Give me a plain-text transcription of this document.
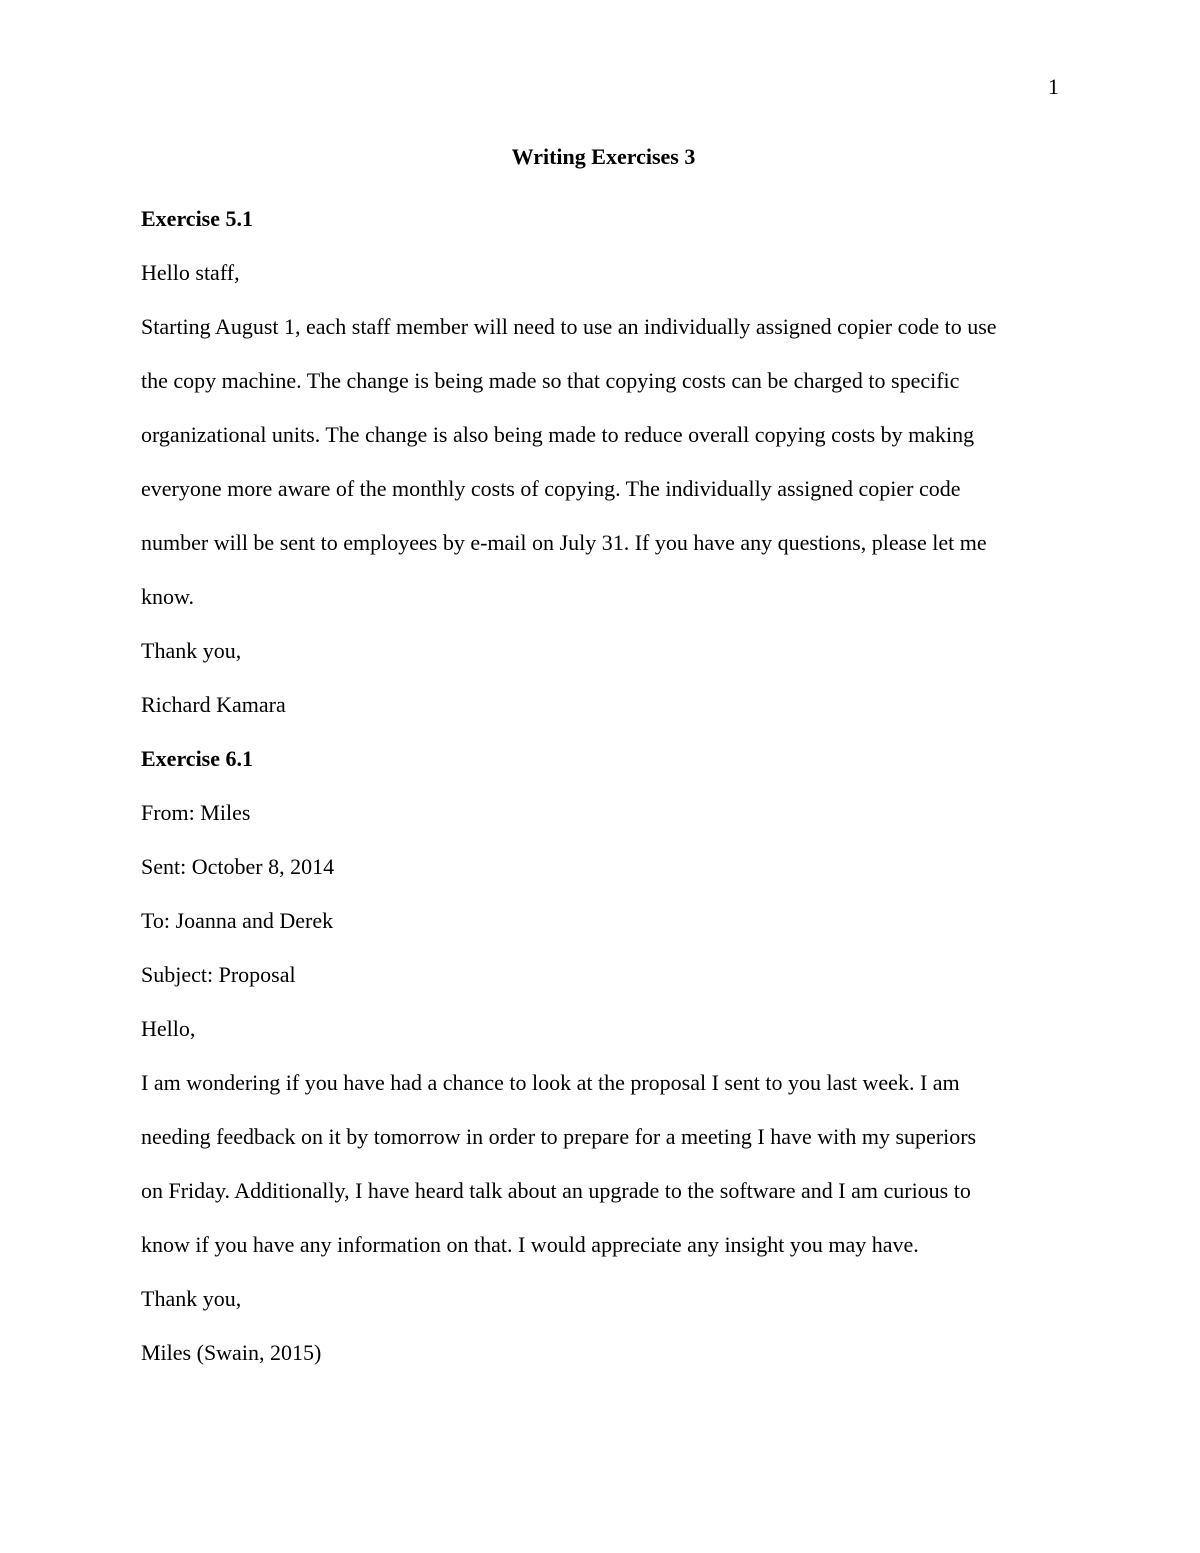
1

Writing Exercises 3

Exercise 5.1

Hello staff,

Starting August 1, each staff member will need to use an individually assigned copier code to use

the copy machine. The change is being made so that copying costs can be charged to specific

organizational units. The change is also being made to reduce overall copying costs by making

everyone more aware of the monthly costs of copying. The individually assigned copier code

number will be sent to employees by e-mail on July 31. If you have any questions, please let me

know.

Thank you,

Richard Kamara

Exercise 6.1

From: Miles

Sent: October 8, 2014

To: Joanna and Derek

Subject: Proposal

Hello,

I am wondering if you have had a chance to look at the proposal I sent to you last week. I am

needing feedback on it by tomorrow in order to prepare for a meeting I have with my superiors

on Friday. Additionally, I have heard talk about an upgrade to the software and I am curious to

know if you have any information on that. I would appreciate any insight you may have.

Thank you,

Miles (Swain, 2015)
